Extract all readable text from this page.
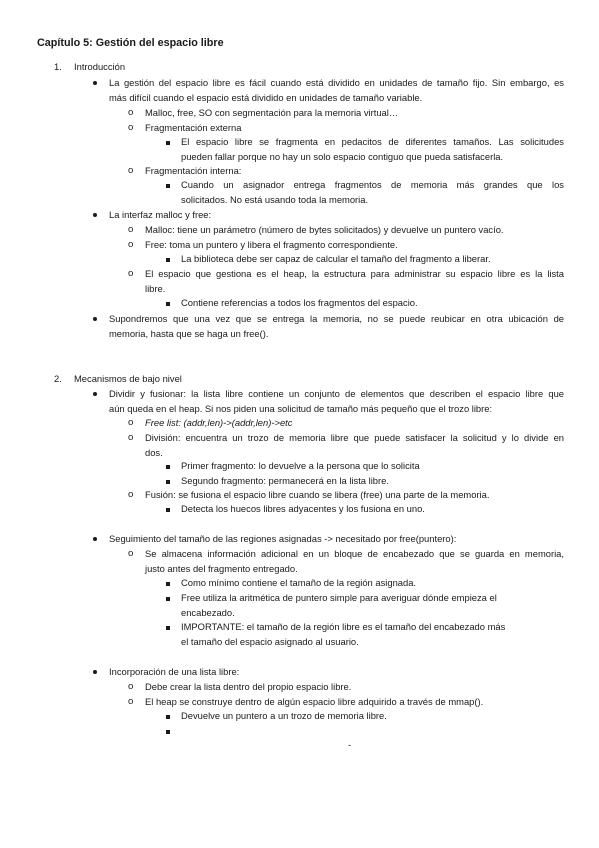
Capítulo 5: Gestión del espacio libre
1. Introducción
La gestión del espacio libre es fácil cuando está dividido en unidades de tamaño fijo. Sin embargo, es
más difícil cuando el espacio está dividido en unidades de tamaño variable.
o Malloc, free, SO con segmentación para la memoria virtual…
o Fragmentación externa
El espacio libre se fragmenta en pedacitos de diferentes tamaños. Las solicitudes
pueden fallar porque no hay un solo espacio contiguo que pueda satisfacerla.
o Fragmentación interna:
Cuando un asignador entrega fragmentos de memoria más grandes que los
solicitados. No está usando toda la memoria.
La interfaz malloc y free:
o Malloc: tiene un parámetro (número de bytes solicitados) y devuelve un puntero vacío.
o Free: toma un puntero y libera el fragmento correspondiente.
La biblioteca debe ser capaz de calcular el tamaño del fragmento a liberar.
o El espacio que gestiona es el heap, la estructura para administrar su espacio libre es la lista
libre.
Contiene referencias a todos los fragmentos del espacio.
Supondremos que una vez que se entrega la memoria, no se puede reubicar en otra ubicación de
memoria, hasta que se haga un free().
2. Mecanismos de bajo nivel
Dividir y fusionar: la lista libre contiene un conjunto de elementos que describen el espacio libre que
aún queda en el heap. Si nos piden una solicitud de tamaño más pequeño que el trozo libre:
o Free list: (addr,len)->(addr,len)->etc
o División: encuentra un trozo de memoria libre que puede satisfacer la solicitud y lo divide en
dos.
Primer fragmento: lo devuelve a la persona que lo solicita
Segundo fragmento: permanecerá en la lista libre.
o Fusión: se fusiona el espacio libre cuando se libera (free) una parte de la memoria.
Detecta los huecos libres adyacentes y los fusiona en uno.
Seguimiento del tamaño de las regiones asignadas -> necesitado por free(puntero):
o Se almacena información adicional en un bloque de encabezado que se guarda en memoria,
justo antes del fragmento entregado.
Como mínimo contiene el tamaño de la región asignada.
Free utiliza la aritmética de puntero simple para averiguar dónde empieza el
encabezado.
IMPORTANTE: el tamaño de la región libre es el tamaño del encabezado más
el tamaño del espacio asignado al usuario.
Incorporación de una lista libre:
o Debe crear la lista dentro del propio espacio libre.
o El heap se construye dentro de algún espacio libre adquirido a través de mmap().
Devuelve un puntero a un trozo de memoria libre.
-
